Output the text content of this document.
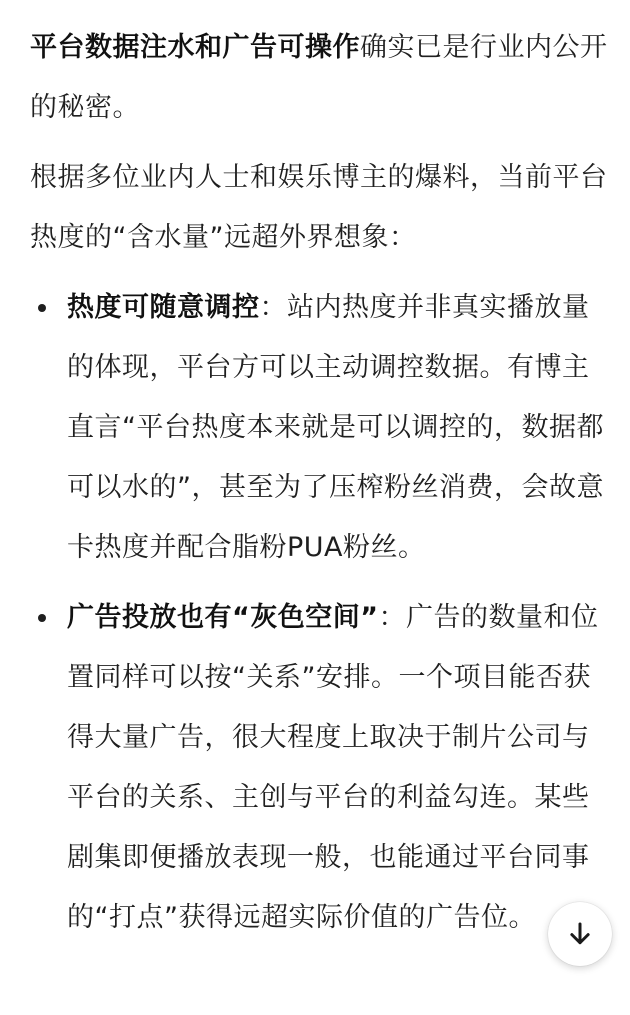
平台数据注水和广告可操作确实已是行业内公开的秘密。

根据多位业内人士和娱乐博主的爆料，当前平台热度的“含水量”远超外界想象：

热度可随意调控：站内热度并非真实播放量的体现，平台方可以主动调控数据。有博主直言“平台热度本来就是可以调控的，数据都可以水的”，甚至为了压榨粉丝消费，会故意卡热度并配合脂粉PUA粉丝。
广告投放也有“灰色空间”：广告的数量和位置同样可以按“关系”安排。一个项目能否获得大量广告，很大程度上取决于制片公司与平台的关系、主创与平台的利益勾连。某些剧集即便播放表现一般，也能通过平台同事的“打点”获得远超实际价值的广告位。
